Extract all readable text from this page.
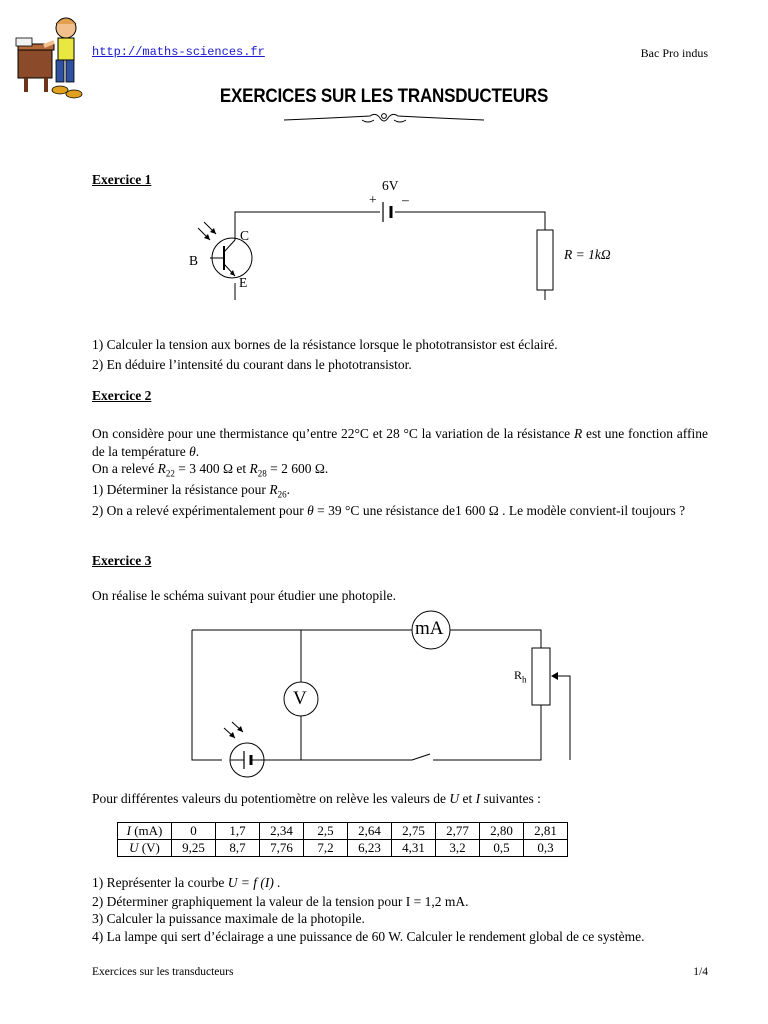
http://maths-sciences.fr	Bac Pro indus
EXERCICES SUR LES TRANSDUCTEURS
Exercice 1	6V
+ –
C
B
E
R = 1kΩ
1) Calculer la tension aux bornes de la résistance lorsque le phototransistor est éclairé.
2) En déduire l’intensité du courant dans le phototransistor.
Exercice 2
On considère pour une thermistance qu’entre 22°C et 28 °C la variation de la résistance R est une fonction affine de la température θ.
On a relevé $R_{22} = 3$ 400 Ω et $R_{28} = 2$ 600 Ω.
1) Déterminer la résistance pour $R_{26}$.
2) On a relevé expérimentalement pour θ = 39 °C une résistance de1 600 Ω . Le modèle convient-il toujours ?
Exercice 3
On réalise le schéma suivant pour étudier une photopile.
mA
V
$R_h$
Pour différentes valeurs du potentiomètre on relève les valeurs de U et I suivantes :
I (mA)	0	1,7	2,34	2,5	2,64	2,75	2,77	2,80	2,81
U (V)	9,25	8,7	7,76	7,2	6,23	4,31	3,2	0,5	0,3
1) Représenter la courbe U = f (I) .
2) Déterminer graphiquement la valeur de la tension pour I = 1,2 mA.
3) Calculer la puissance maximale de la photopile.
4) La lampe qui sert d’éclairage a une puissance de 60 W. Calculer le rendement global de ce système.
Exercices sur les transducteurs	1/4
